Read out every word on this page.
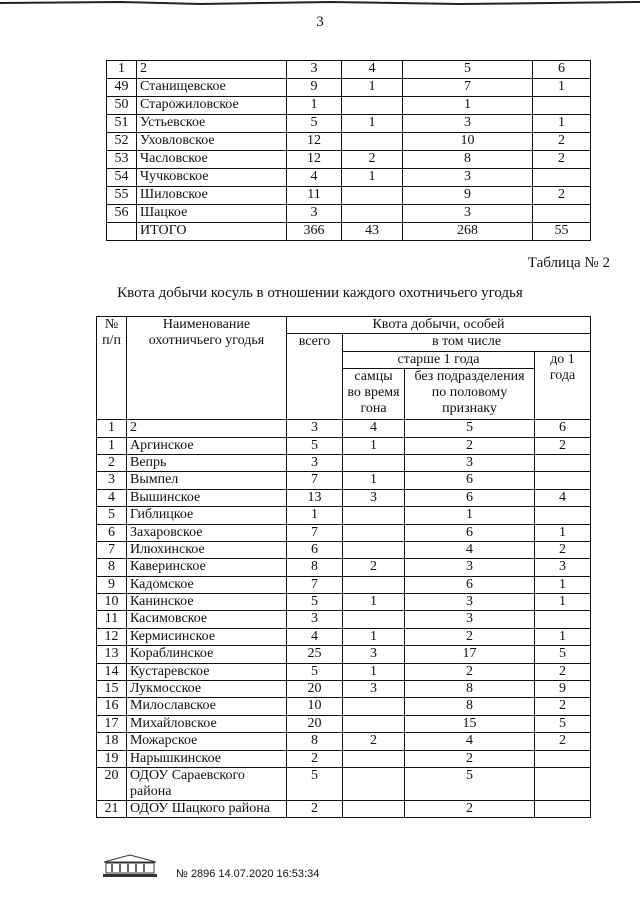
3
1	2	3	4	5	6
49	Станищевское	9	1	7	1
50	Старожиловское	1		1	
51	Устьевское	5	1	3	1
52	Уховловское	12		10	2
53	Часловское	12	2	8	2
54	Чучковское	4	1	3	
55	Шиловское	11		9	2
56	Шацкое	3		3	
	ИТОГО	366	43	268	55
Таблица № 2
Квота добычи косуль в отношении каждого охотничьего угодья
№ п/п	Наименование охотничьего угодья	Квота добычи, особей			
		всего	в том числе		
			старше 1 года		до 1 года
			самцы во время гона	без подразделения по половому признаку	
1	2	3	4	5	6
1	Аргинское	5	1	2	2
2	Вепрь	3		3	
3	Вымпел	7	1	6	
4	Вышинское	13	3	6	4
5	Гиблицкое	1		1	
6	Захаровское	7		6	1
7	Илюхинское	6		4	2
8	Каверинское	8	2	3	3
9	Кадомское	7		6	1
10	Канинское	5	1	3	1
11	Касимовское	3		3	
12	Кермисинское	4	1	2	1
13	Кораблинское	25	3	17	5
14	Кустаревское	5	1	2	2
15	Лукмосское	20	3	8	9
16	Милославское	10		8	2
17	Михайловское	20		15	5
18	Можарское	8	2	4	2
19	Нарышкинское	2		2	
20	ОДОУ Сараевского района	5		5	
21	ОДОУ Шацкого района	2		2	
№ 2896 14.07.2020 16:53:34
